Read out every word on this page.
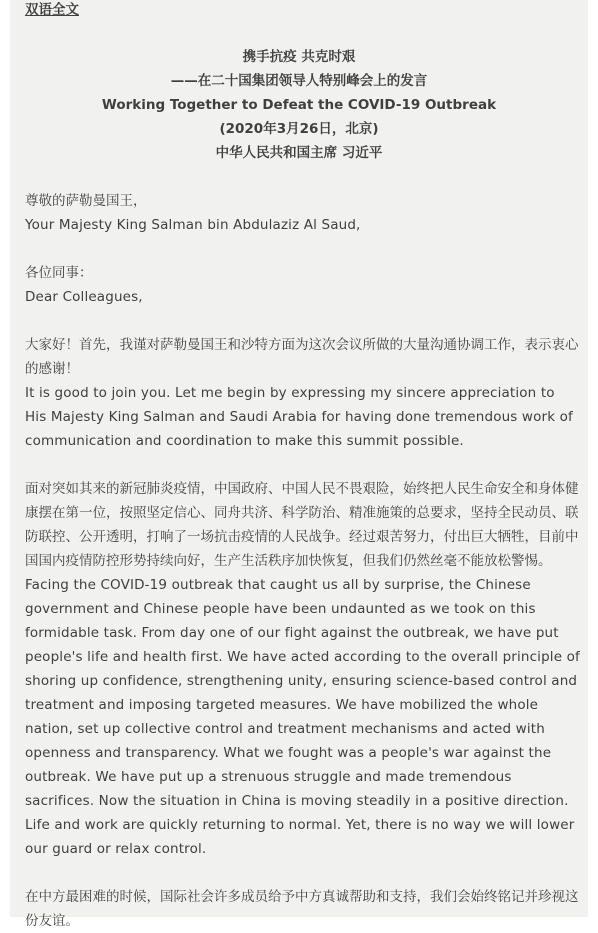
双语全文
携手抗疫 共克时艰
——在二十国集团领导人特别峰会上的发言
Working Together to Defeat the COVID-19 Outbreak
(2020年3月26日，北京)
中华人民共和国主席 习近平

尊敬的萨勒曼国王，

Your Majesty King Salman bin Abdulaziz Al Saud,

各位同事：

Dear Colleagues,

大家好！首先，我谨对萨勒曼国王和沙特方面为这次会议所做的大量沟通协调工作，表示衷心的感谢！

It is good to join you. Let me begin by expressing my sincere appreciation to His Majesty King Salman and Saudi Arabia for having done tremendous work of communication and coordination to make this summit possible.

面对突如其来的新冠肺炎疫情，中国政府、中国人民不畏艰险，始终把人民生命安全和身体健康摆在第一位，按照坚定信心、同舟共济、科学防治、精准施策的总要求，坚持全民动员、联防联控、公开透明，打响了一场抗击疫情的人民战争。经过艰苦努力，付出巨大牺牲，目前中国国内疫情防控形势持续向好，生产生活秩序加快恢复，但我们仍然丝毫不能放松警惕。

Facing the COVID-19 outbreak that caught us all by surprise, the Chinese government and Chinese people have been undaunted as we took on this formidable task. From day one of our fight against the outbreak, we have put people's life and health first. We have acted according to the overall principle of shoring up confidence, strengthening unity, ensuring science-based control and treatment and imposing targeted measures. We have mobilized the whole nation, set up collective control and treatment mechanisms and acted with openness and transparency. What we fought was a people's war against the outbreak. We have put up a strenuous struggle and made tremendous sacrifices. Now the situation in China is moving steadily in a positive direction. Life and work are quickly returning to normal. Yet, there is no way we will lower our guard or relax control.

在中方最困难的时候，国际社会许多成员给予中方真诚帮助和支持，我们会始终铭记并珍视这份友谊。
